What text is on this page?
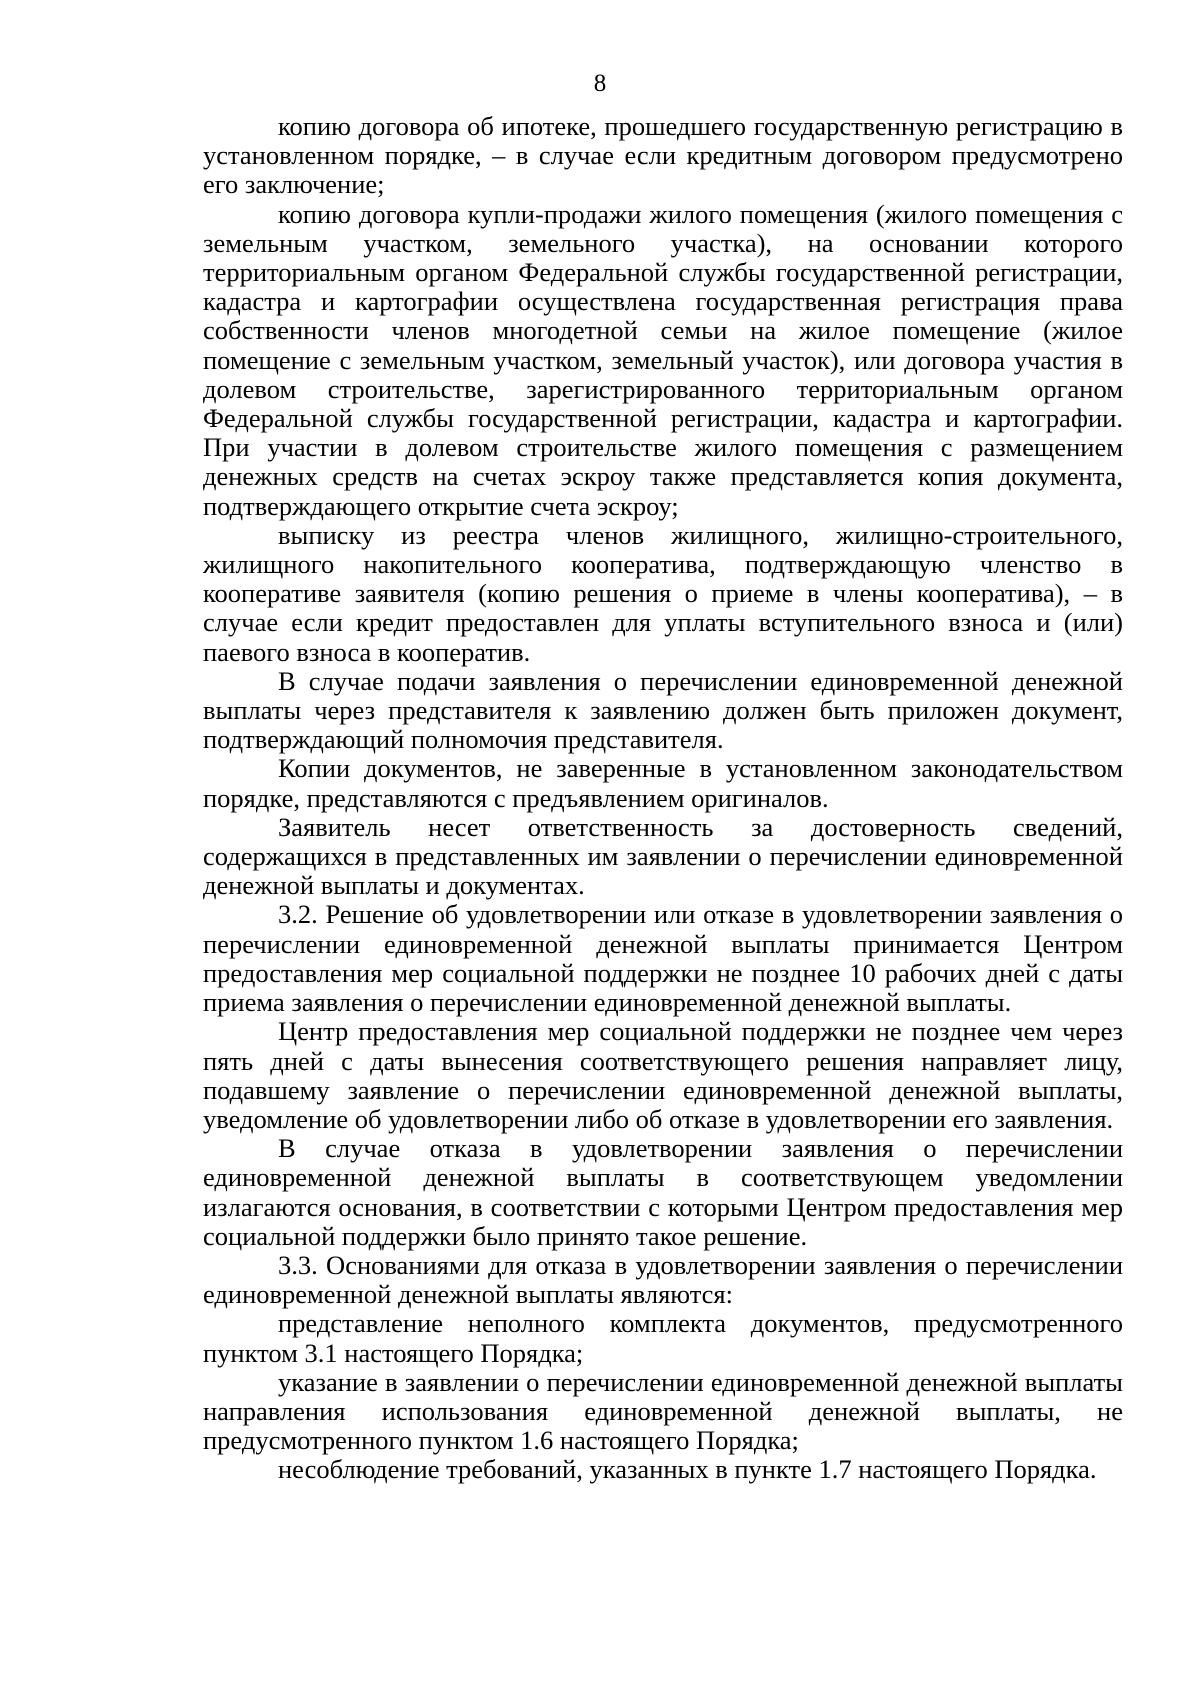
8

копию договора об ипотеке, прошедшего государственную регистрацию в установленном порядке, – в случае если кредитным договором предусмотрено его заключение;

копию договора купли-продажи жилого помещения (жилого помещения с земельным участком, земельного участка), на основании которого территориальным органом Федеральной службы государственной регистрации, кадастра и картографии осуществлена государственная регистрация права собственности членов многодетной семьи на жилое помещение (жилое помещение с земельным участком, земельный участок), или договора участия в долевом строительстве, зарегистрированного территориальным органом Федеральной службы государственной регистрации, кадастра и картографии. При участии в долевом строительстве жилого помещения с размещением денежных средств на счетах эскроу также представляется копия документа, подтверждающего открытие счета эскроу;

выписку из реестра членов жилищного, жилищно-строительного, жилищного накопительного кооператива, подтверждающую членство в кооперативе заявителя (копию решения о приеме в члены кооператива), – в случае если кредит предоставлен для уплаты вступительного взноса и (или) паевого взноса в кооператив.

В случае подачи заявления о перечислении единовременной денежной выплаты через представителя к заявлению должен быть приложен документ, подтверждающий полномочия представителя.

Копии документов, не заверенные в установленном законодательством порядке, представляются с предъявлением оригиналов.

Заявитель несет ответственность за достоверность сведений, содержащихся в представленных им заявлении о перечислении единовременной денежной выплаты и документах.

3.2. Решение об удовлетворении или отказе в удовлетворении заявления о перечислении единовременной денежной выплаты принимается Центром предоставления мер социальной поддержки не позднее 10 рабочих дней с даты приема заявления о перечислении единовременной денежной выплаты.

Центр предоставления мер социальной поддержки не позднее чем через пять дней с даты вынесения соответствующего решения направляет лицу, подавшему заявление о перечислении единовременной денежной выплаты, уведомление об удовлетворении либо об отказе в удовлетворении его заявления.

В случае отказа в удовлетворении заявления о перечислении единовременной денежной выплаты в соответствующем уведомлении излагаются основания, в соответствии с которыми Центром предоставления мер социальной поддержки было принято такое решение.

3.3. Основаниями для отказа в удовлетворении заявления о перечислении единовременной денежной выплаты являются:

представление неполного комплекта документов, предусмотренного пунктом 3.1 настоящего Порядка;

указание в заявлении о перечислении единовременной денежной выплаты направления использования единовременной денежной выплаты, не предусмотренного пунктом 1.6 настоящего Порядка;

несоблюдение требований, указанных в пункте 1.7 настоящего Порядка.
